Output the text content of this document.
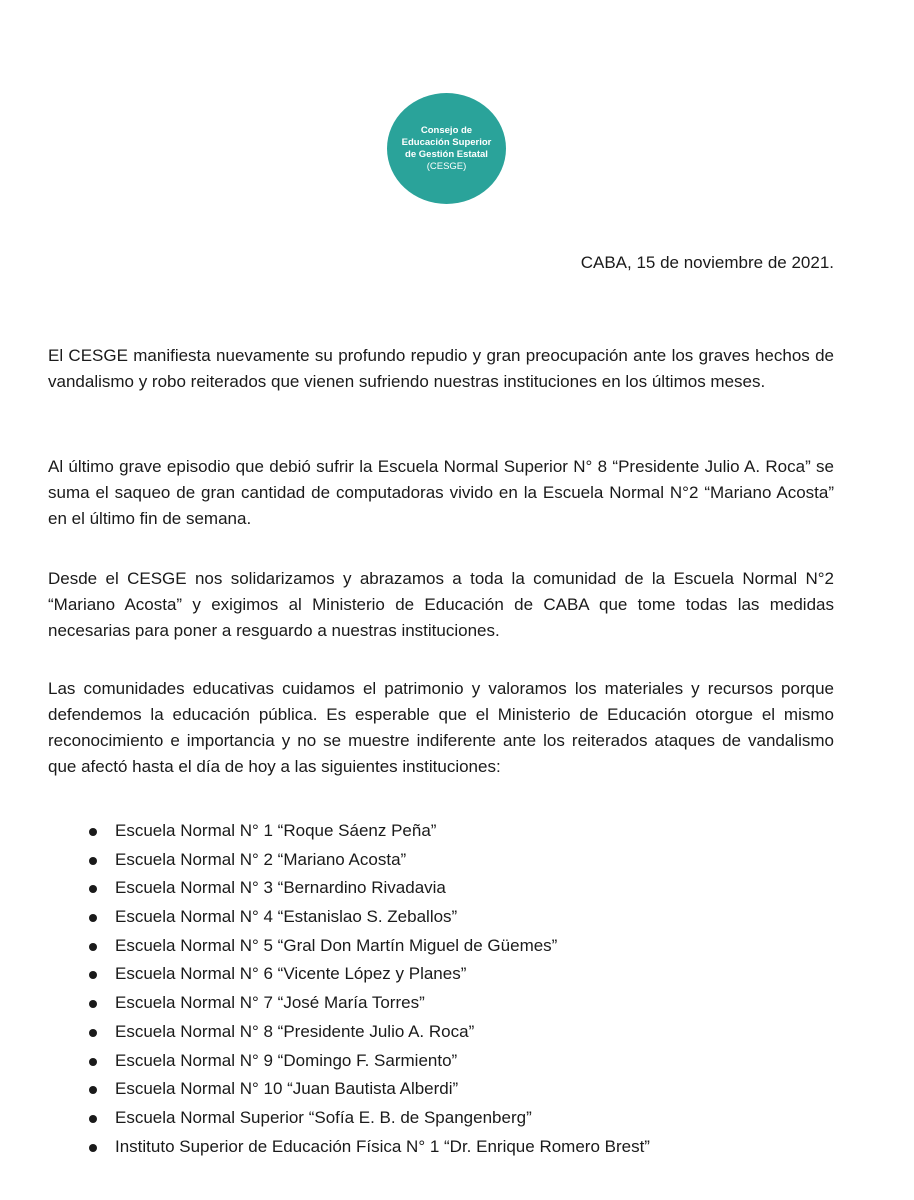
Consejo de
Educación Superior
de Gestión Estatal
(CESGE)
CABA, 15 de noviembre de 2021.

El CESGE manifiesta nuevamente su profundo repudio y gran preocupación ante los graves hechos de vandalismo y robo reiterados que vienen sufriendo nuestras instituciones en los últimos meses.

Al último grave episodio que debió sufrir la Escuela Normal Superior N° 8 “Presidente Julio A. Roca” se suma el saqueo de gran cantidad de computadoras vivido en la Escuela Normal N°2 “Mariano Acosta” en el último fin de semana.

Desde el CESGE nos solidarizamos y abrazamos a toda la comunidad de la Escuela Normal N°2 “Mariano Acosta” y exigimos al Ministerio de Educación de CABA que tome todas las medidas necesarias para poner a resguardo a nuestras instituciones.

Las comunidades educativas cuidamos el patrimonio y valoramos los materiales y recursos porque defendemos la educación pública. Es esperable que el Ministerio de Educación otorgue el mismo reconocimiento e importancia y no se muestre indiferente ante los reiterados ataques de vandalismo que afectó hasta el día de hoy a las siguientes instituciones:

Escuela Normal N° 1 “Roque Sáenz Peña”
Escuela Normal N° 2 “Mariano Acosta”
Escuela Normal N° 3 “Bernardino Rivadavia
Escuela Normal N° 4 “Estanislao S. Zeballos”
Escuela Normal N° 5 “Gral Don Martín Miguel de Güemes”
Escuela Normal N° 6 “Vicente López y Planes”
Escuela Normal N° 7 “José María Torres”
Escuela Normal N° 8 “Presidente Julio A. Roca”
Escuela Normal N° 9 “Domingo F. Sarmiento”
Escuela Normal N° 10 “Juan Bautista Alberdi”
Escuela Normal Superior “Sofía E. B. de Spangenberg”
Instituto Superior de Educación Física N° 1 “Dr. Enrique Romero Brest”
